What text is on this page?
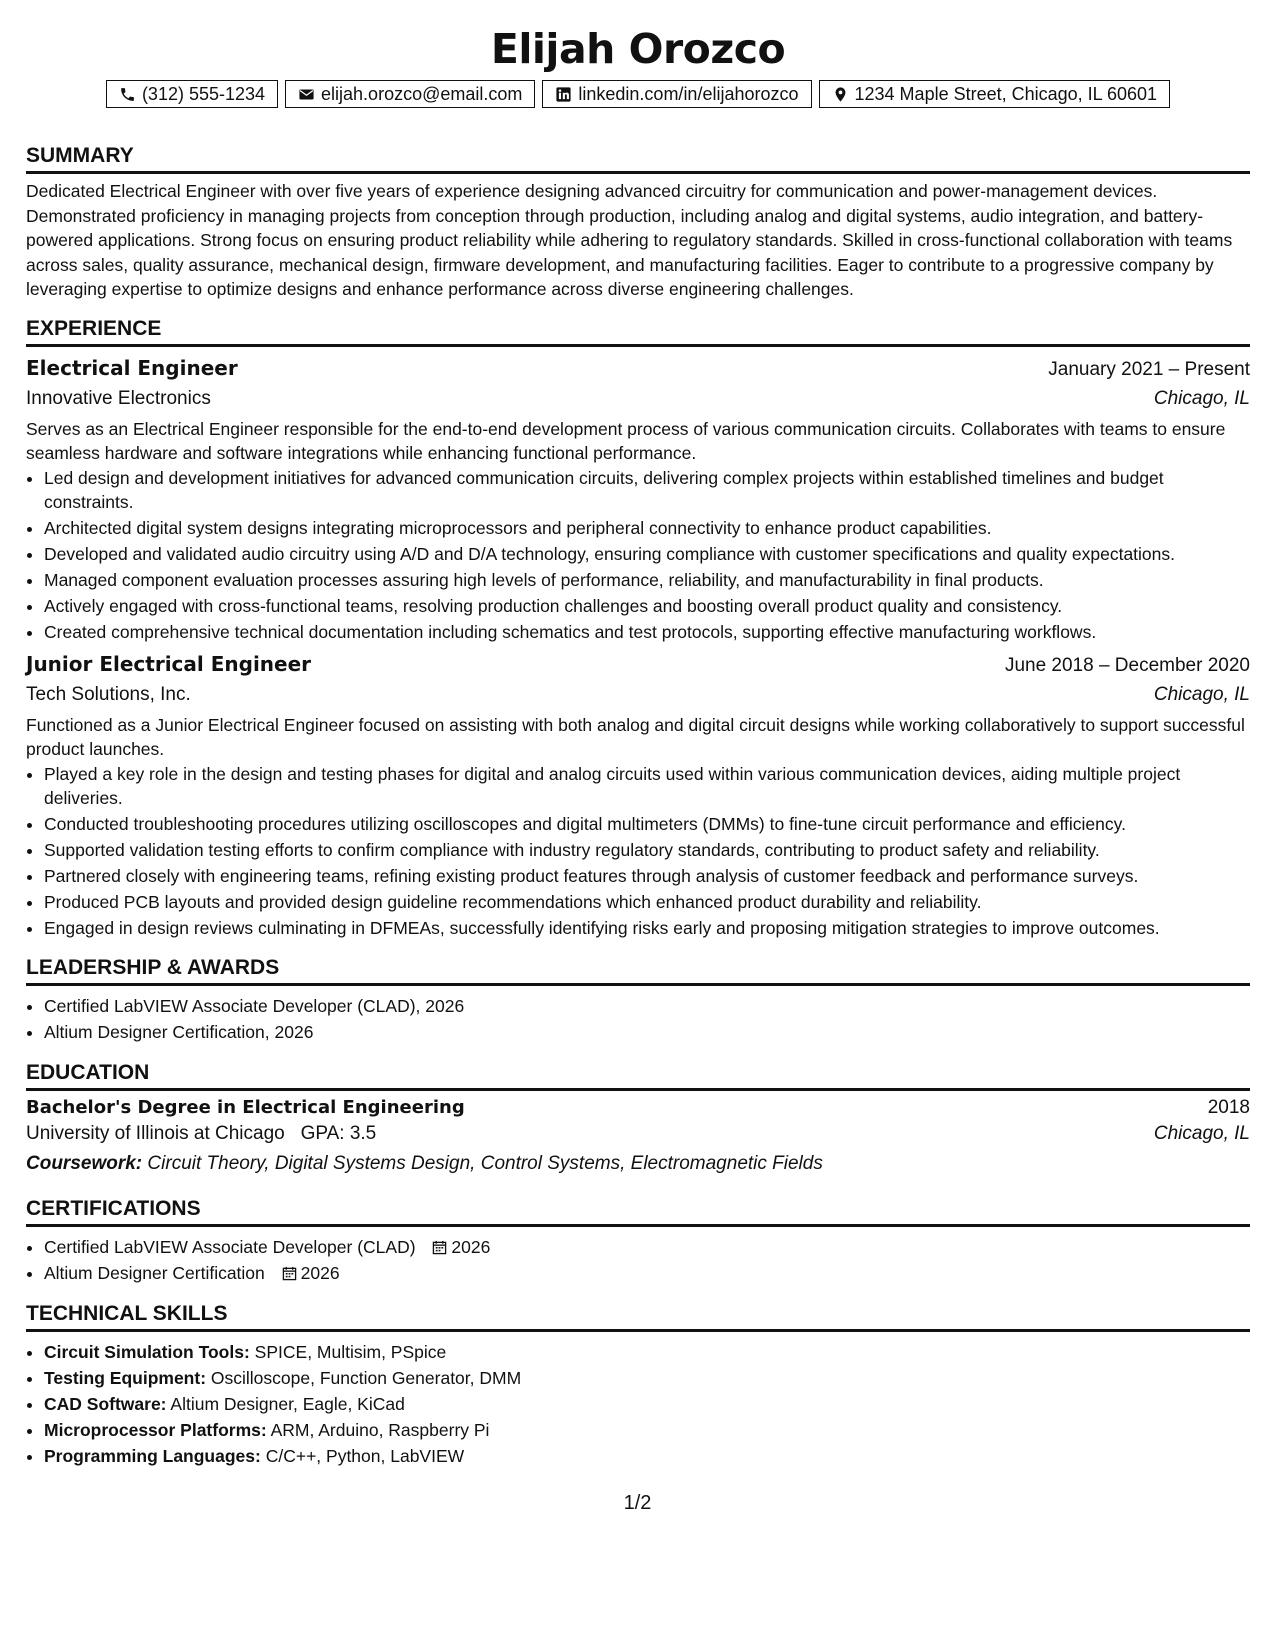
Elijah Orozco
(312) 555-1234	elijah.orozco@email.com	linkedin.com/in/elijahorozco	1234 Maple Street, Chicago, IL 60601
SUMMARY
Dedicated Electrical Engineer with over five years of experience designing advanced circuitry for communication and power-management devices. Demonstrated proficiency in managing projects from conception through production, including analog and digital systems, audio integration, and battery-powered applications. Strong focus on ensuring product reliability while adhering to regulatory standards. Skilled in cross-functional collaboration with teams across sales, quality assurance, mechanical design, firmware development, and manufacturing facilities. Eager to contribute to a progressive company by leveraging expertise to optimize designs and enhance performance across diverse engineering challenges.
EXPERIENCE
Electrical Engineer	January 2021 – Present
Innovative Electronics	Chicago, IL
Serves as an Electrical Engineer responsible for the end-to-end development process of various communication circuits. Collaborates with teams to ensure seamless hardware and software integrations while enhancing functional performance.
• Led design and development initiatives for advanced communication circuits, delivering complex projects within established timelines and budget constraints.
• Architected digital system designs integrating microprocessors and peripheral connectivity to enhance product capabilities.
• Developed and validated audio circuitry using A/D and D/A technology, ensuring compliance with customer specifications and quality expectations.
• Managed component evaluation processes assuring high levels of performance, reliability, and manufacturability in final products.
• Actively engaged with cross-functional teams, resolving production challenges and boosting overall product quality and consistency.
• Created comprehensive technical documentation including schematics and test protocols, supporting effective manufacturing workflows.
Junior Electrical Engineer	June 2018 – December 2020
Tech Solutions, Inc.	Chicago, IL
Functioned as a Junior Electrical Engineer focused on assisting with both analog and digital circuit designs while working collaboratively to support successful product launches.
• Played a key role in the design and testing phases for digital and analog circuits used within various communication devices, aiding multiple project deliveries.
• Conducted troubleshooting procedures utilizing oscilloscopes and digital multimeters (DMMs) to fine-tune circuit performance and efficiency.
• Supported validation testing efforts to confirm compliance with industry regulatory standards, contributing to product safety and reliability.
• Partnered closely with engineering teams, refining existing product features through analysis of customer feedback and performance surveys.
• Produced PCB layouts and provided design guideline recommendations which enhanced product durability and reliability.
• Engaged in design reviews culminating in DFMEAs, successfully identifying risks early and proposing mitigation strategies to improve outcomes.
LEADERSHIP & AWARDS
• Certified LabVIEW Associate Developer (CLAD), 2026
• Altium Designer Certification, 2026
EDUCATION
Bachelor's Degree in Electrical Engineering	2018
University of Illinois at Chicago GPA: 3.5	Chicago, IL
Coursework: Circuit Theory, Digital Systems Design, Control Systems, Electromagnetic Fields
CERTIFICATIONS
• Certified LabVIEW Associate Developer (CLAD) 2026
• Altium Designer Certification 2026
TECHNICAL SKILLS
• Circuit Simulation Tools: SPICE, Multisim, PSpice
• Testing Equipment: Oscilloscope, Function Generator, DMM
• CAD Software: Altium Designer, Eagle, KiCad
• Microprocessor Platforms: ARM, Arduino, Raspberry Pi
• Programming Languages: C/C++, Python, LabVIEW
1/2
